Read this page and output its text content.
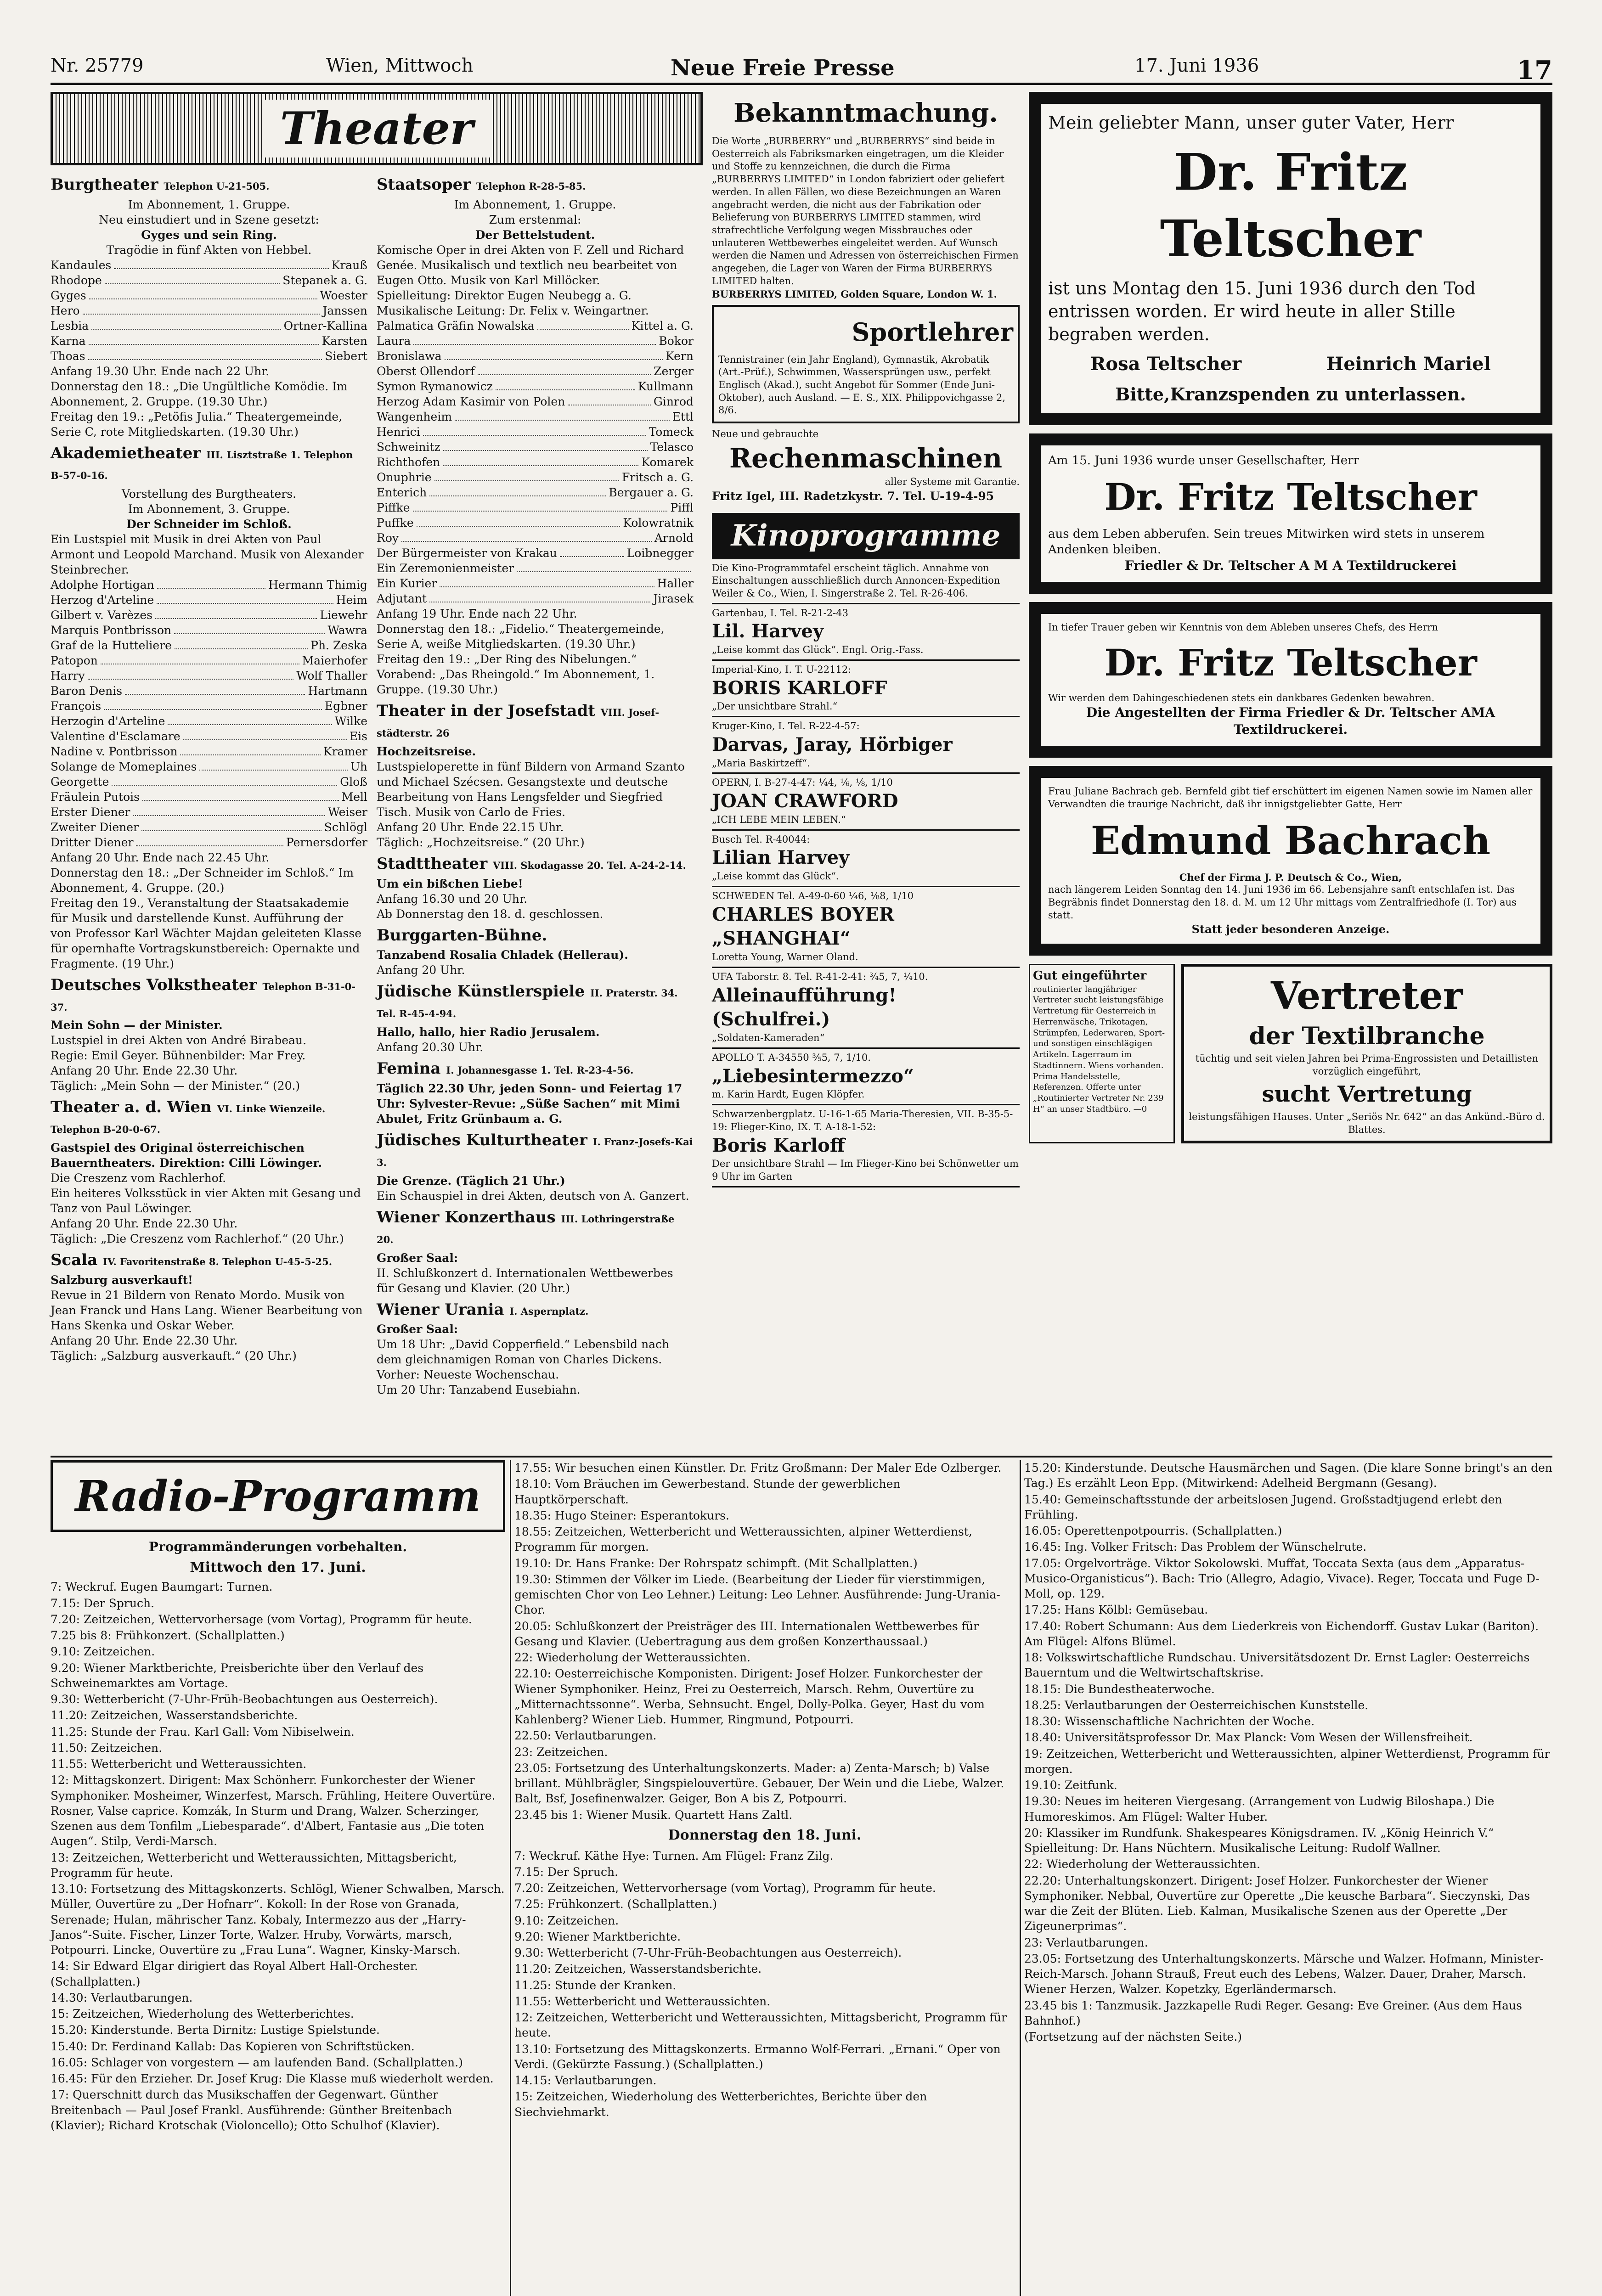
Nr. 25779	Wien, Mittwoch	Neue Freie Presse	17. Juni 1936	17
Theater
Burgtheater Telephon U-21-505.
Im Abonnement, 1. Gruppe.
Neu einstudiert und in Szene gesetzt:
Gyges und sein Ring.
Tragödie in fünf Akten von Hebbel.
Kandaules	Krauß
Rhodope	Stepanek a. G.
Gyges	Woester
Hero	Janssen
Lesbia	Ortner-Kallina
Karna	Karsten
Thoas	Siebert
Anfang 19.30 Uhr. Ende nach 22 Uhr.
Donnerstag den 18.: „Die Ungültliche Komödie. Im Abonnement, 2. Gruppe. (19.30 Uhr.)
Freitag den 19.: „Petöfis Julia.“ Theatergemeinde, Serie C, rote Mitgliedskarten. (19.30 Uhr.)
Akademietheater III. Lisztstraße 1. Telephon B-57-0-16.
Vorstellung des Burgtheaters.
Im Abonnement, 3. Gruppe.
Der Schneider im Schloß.
Ein Lustspiel mit Musik in drei Akten von Paul Armont und Leopold Marchand. Musik von Alexander Steinbrecher.
Adolphe Hortigan	Hermann Thimig
Herzog d'Arteline	Heim
Gilbert v. Varèzes	Liewehr
Marquis Pontbrisson	Wawra
Graf de la Hutteliere	Ph. Zeska
Patopon	Maierhofer
Harry	Wolf Thaller
Baron Denis	Hartmann
François	Egbner
Herzogin d'Arteline	Wilke
Valentine d'Esclamare	Eis
Nadine v. Pontbrisson	Kramer
Solange de Momeplaines	Uh
Georgette	Gloß
Fräulein Putois	Mell
Erster Diener	Weiser
Zweiter Diener	Schlögl
Dritter Diener	Pernersdorfer
Anfang 20 Uhr. Ende nach 22.45 Uhr.
Donnerstag den 18.: „Der Schneider im Schloß.“ Im Abonnement, 4. Gruppe. (20.)
Freitag den 19., Veranstaltung der Staatsakademie für Musik und darstellende Kunst. Aufführung der von Professor Karl Wächter Majdan geleiteten Klasse für opernhafte Vortragskunstbereich: Opernakte und Fragmente. (19 Uhr.)
Deutsches Volkstheater Telephon B-31-0-37.
Mein Sohn — der Minister.
Lustspiel in drei Akten von André Birabeau.
Regie: Emil Geyer. Bühnenbilder: Mar Frey.
Anfang 20 Uhr. Ende 22.30 Uhr.
Täglich: „Mein Sohn — der Minister.“ (20.)
Theater a. d. Wien VI. Linke Wienzeile. Telephon B-20-0-67.
Gastspiel des Original österreichischen Bauerntheaters. Direktion: Cilli Löwinger.
Die Creszenz vom Rachlerhof.
Ein heiteres Volksstück in vier Akten mit Gesang und Tanz von Paul Löwinger.
Anfang 20 Uhr. Ende 22.30 Uhr.
Täglich: „Die Creszenz vom Rachlerhof.“ (20 Uhr.)
Scala IV. Favoritenstraße 8. Telephon U-45-5-25.
Salzburg ausverkauft!
Revue in 21 Bildern von Renato Mordo. Musik von Jean Franck und Hans Lang. Wiener Bearbeitung von Hans Skenka und Oskar Weber.
Anfang 20 Uhr. Ende 22.30 Uhr.
Täglich: „Salzburg ausverkauft.“ (20 Uhr.)
Staatsoper Telephon R-28-5-85.
Im Abonnement, 1. Gruppe.
Zum erstenmal:
Der Bettelstudent.
Komische Oper in drei Akten von F. Zell und Richard Genée. Musikalisch und textlich neu bearbeitet von Eugen Otto. Musik von Karl Millöcker.
Spielleitung: Direktor Eugen Neubegg a. G. Musikalische Leitung: Dr. Felix v. Weingartner.
Palmatica Gräfin Nowalska	Kittel a. G.
Laura	Bokor
Bronislawa	Kern
Oberst Ollendorf	Zerger
Symon Rymanowicz	Kullmann
Herzog Adam Kasimir von Polen	Ginrod
Wangenheim	Ettl
Henrici	Tomeck
Schweinitz	Telasco
Richthofen	Komarek
Onuphrie	Fritsch a. G.
Enterich	Bergauer a. G.
Piffke	Piffl
Puffke	Kolowratnik
Roy	Arnold
Der Bürgermeister von Krakau	Loibnegger
Ein Zeremonienmeister
Ein Kurier	Haller
Adjutant	Jirasek
Anfang 19 Uhr. Ende nach 22 Uhr.
Donnerstag den 18.: „Fidelio.“ Theatergemeinde, Serie A, weiße Mitgliedskarten. (19.30 Uhr.)
Freitag den 19.: „Der Ring des Nibelungen.“ Vorabend: „Das Rheingold.“ Im Abonnement, 1. Gruppe. (19.30 Uhr.)
Theater in der Josefstadt VIII. Josefstädterstr. 26
Hochzeitsreise.
Lustspieloperette in fünf Bildern von Armand Szanto und Michael Szécsen. Gesangstexte und deutsche Bearbeitung von Hans Lengsfelder und Siegfried Tisch. Musik von Carlo de Fries.
Anfang 20 Uhr. Ende 22.15 Uhr.
Täglich: „Hochzeitsreise.“ (20 Uhr.)
Stadttheater VIII. Skodagasse 20. Tel. A-24-2-14.
Um ein bißchen Liebe!
Anfang 16.30 und 20 Uhr.
Ab Donnerstag den 18. d. geschlossen.
Burggarten-Bühne.
Tanzabend Rosalia Chladek (Hellerau).
Anfang 20 Uhr.
Jüdische Künstlerspiele II. Praterstr. 34. Tel. R-45-4-94.
Hallo, hallo, hier Radio Jerusalem.
Anfang 20.30 Uhr.
Femina I. Johannesgasse 1. Tel. R-23-4-56.
Täglich 22.30 Uhr, jeden Sonn- und Feiertag 17 Uhr: Sylvester-Revue: „Süße Sachen“ mit Mimi Abulet, Fritz Grünbaum a. G.
Jüdisches Kulturtheater I. Franz-Josefs-Kai 3.
Die Grenze. (Täglich 21 Uhr.)
Ein Schauspiel in drei Akten, deutsch von A. Ganzert.
Wiener Konzerthaus III. Lothringerstraße 20.
Großer Saal:
II. Schlußkonzert d. Internationalen Wettbewerbes für Gesang und Klavier. (20 Uhr.)
Wiener Urania I. Aspernplatz.
Großer Saal:
Um 18 Uhr: „David Copperfield.“ Lebensbild nach dem gleichnamigen Roman von Charles Dickens. Vorher: Neueste Wochenschau.
Um 20 Uhr: Tanzabend Eusebiahn.
Bekanntmachung.
Die Worte „BURBERRY“ und „BURBERRYS“ sind beide in Oesterreich als Fabriksmarken eingetragen, um die Kleider und Stoffe zu kennzeichnen, die durch die Firma „BURBERRYS LIMITED“ in London fabriziert oder geliefert werden. In allen Fällen, wo diese Bezeichnungen an Waren angebracht werden, die nicht aus der Fabrikation oder Belieferung von BURBERRYS LIMITED stammen, wird strafrechtliche Verfolgung wegen Missbrauches oder unlauteren Wettbewerbes eingeleitet werden. Auf Wunsch werden die Namen und Adressen von österreichischen Firmen angegeben, die Lager von Waren der Firma BURBERRYS LIMITED halten.
BURBERRYS LIMITED, Golden Square, London W. 1.
Sportlehrer
Tennistrainer (ein Jahr England), Gymnastik, Akrobatik (Art.-Prüf.), Schwimmen, Wassersprüngen usw., perfekt Englisch (Akad.), sucht Angebot für Sommer (Ende Juni-Oktober), auch Ausland. — E. S., XIX. Philippovichgasse 2, 8/6.
Neue und gebrauchte
Rechenmaschinen
aller Systeme mit Garantie.
Fritz Igel, III. Radetzkystr. 7. Tel. U-19-4-95
Kinoprogramme
Die Kino-Programmtafel erscheint täglich. Annahme von Einschaltungen ausschließlich durch Annoncen-Expedition Weiler & Co., Wien, I. Singerstraße 2. Tel. R-26-406.
Gartenbau, I. Tel. R-21-2-43
Lil. Harvey
„Leise kommt das Glück“. Engl. Orig.-Fass.
Imperial-Kino, I. T. U-22112:
BORIS KARLOFF
„Der unsichtbare Strahl.“
Kruger-Kino, I. Tel. R-22-4-57:
Darvas, Jaray, Hörbiger
„Maria Baskirtzeff“.
OPERN, I. B-27-4-47: ¼4, ⅙, ⅛, 1/10
JOAN CRAWFORD
„ICH LEBE MEIN LEBEN.“
Busch Tel. R-40044:
Lilian Harvey
„Leise kommt das Glück“.
SCHWEDEN Tel. A-49-0-60 ¼6, ⅛8, 1/10
CHARLES BOYER „SHANGHAI“
Loretta Young, Warner Oland.
UFA Taborstr. 8. Tel. R-41-2-41: ¾5, 7, ¼10.
Alleinaufführung! (Schulfrei.)
„Soldaten-Kameraden“
APOLLO T. A-34550 ⅗5, 7, 1/10.
„Liebesintermezzo“
m. Karin Hardt, Eugen Klöpfer.
Schwarzenbergplatz. U-16-1-65 Maria-Theresien, VII. B-35-5-19: Flieger-Kino, IX. T. A-18-1-52:
Boris Karloff
Der unsichtbare Strahl — Im Flieger-Kino bei Schönwetter um 9 Uhr im Garten
Mein geliebter Mann, unser guter Vater, Herr
Dr. Fritz Teltscher
ist uns Montag den 15. Juni 1936 durch den Tod entrissen worden. Er wird heute in aller Stille begraben werden.
Rosa Teltscher	Heinrich Mariel
Bitte,Kranzspenden zu unterlassen.
Am 15. Juni 1936 wurde unser Gesellschafter, Herr
Dr. Fritz Teltscher
aus dem Leben abberufen. Sein treues Mitwirken wird stets in unserem Andenken bleiben.
Friedler & Dr. Teltscher A M A Textildruckerei
In tiefer Trauer geben wir Kenntnis von dem Ableben unseres Chefs, des Herrn
Dr. Fritz Teltscher
Wir werden dem Dahingeschiedenen stets ein dankbares Gedenken bewahren.
Die Angestellten der Firma Friedler & Dr. Teltscher AMA Textildruckerei.
Frau Juliane Bachrach geb. Bernfeld gibt tief erschüttert im eigenen Namen sowie im Namen aller Verwandten die traurige Nachricht, daß ihr innigstgeliebter Gatte, Herr
Edmund Bachrach
Chef der Firma J. P. Deutsch & Co., Wien,
nach längerem Leiden Sonntag den 14. Juni 1936 im 66. Lebensjahre sanft entschlafen ist. Das Begräbnis findet Donnerstag den 18. d. M. um 12 Uhr mittags vom Zentralfriedhofe (I. Tor) aus statt.
Statt jeder besonderen Anzeige.
Gut eingeführter
routinierter langjähriger Vertreter sucht leistungsfähige Vertretung für Oesterreich in Herrenwäsche, Trikotagen, Strümpfen, Lederwaren, Sport- und sonstigen einschlägigen Artikeln. Lagerraum im Stadtinnern. Wiens vorhanden. Prima Handelsstelle, Referenzen. Offerte unter „Routinierter Vertreter Nr. 239 H“ an unser Stadtbüro. —0
Vertreter
der Textilbranche
tüchtig und seit vielen Jahren bei Prima-Engrossisten und Detaillisten vorzüglich eingeführt,
sucht Vertretung
leistungsfähigen Hauses. Unter „Seriös Nr. 642“ an das Ankünd.-Büro d. Blattes.
Radio-Programm
Programmänderungen vorbehalten.
Mittwoch den 17. Juni.

7: Weckruf. Eugen Baumgart: Turnen.

7.15: Der Spruch.

7.20: Zeitzeichen, Wettervorhersage (vom Vortag), Programm für heute.

7.25 bis 8: Frühkonzert. (Schallplatten.)

9.10: Zeitzeichen.

9.20: Wiener Marktberichte, Preisberichte über den Verlauf des Schweinemarktes am Vortage.

9.30: Wetterbericht (7-Uhr-Früh-Beobachtungen aus Oesterreich).

11.20: Zeitzeichen, Wasserstandsberichte.

11.25: Stunde der Frau. Karl Gall: Vom Nibiselwein.

11.50: Zeitzeichen.

11.55: Wetterbericht und Wetteraussichten.

12: Mittagskonzert. Dirigent: Max Schönherr. Funkorchester der Wiener Symphoniker. Mosheimer, Winzerfest, Marsch. Frühling, Heitere Ouvertüre. Rosner, Valse caprice. Komzák, In Sturm und Drang, Walzer. Scherzinger, Szenen aus dem Tonfilm „Liebesparade“. d'Albert, Fantasie aus „Die toten Augen“. Stilp, Verdi-Marsch.

13: Zeitzeichen, Wetterbericht und Wetteraussichten, Mittagsbericht, Programm für heute.

13.10: Fortsetzung des Mittagskonzerts. Schlögl, Wiener Schwalben, Marsch. Müller, Ouvertüre zu „Der Hofnarr“. Kokoll: In der Rose von Granada, Serenade; Hulan, mährischer Tanz. Kobaly, Intermezzo aus der „Harry-Janos“-Suite. Fischer, Linzer Torte, Walzer. Hruby, Vorwärts, marsch, Potpourri. Lincke, Ouvertüre zu „Frau Luna“. Wagner, Kinsky-Marsch.

14: Sir Edward Elgar dirigiert das Royal Albert Hall-Orchester. (Schallplatten.)

14.30: Verlautbarungen.

15: Zeitzeichen, Wiederholung des Wetterberichtes.

15.20: Kinderstunde. Berta Dirnitz: Lustige Spielstunde.

15.40: Dr. Ferdinand Kallab: Das Kopieren von Schriftstücken.

16.05: Schlager von vorgestern — am laufenden Band. (Schallplatten.)

16.45: Für den Erzieher. Dr. Josef Krug: Die Klasse muß wiederholt werden.

17: Querschnitt durch das Musikschaffen der Gegenwart. Günther Breitenbach — Paul Josef Frankl. Ausführende: Günther Breitenbach (Klavier); Richard Krotschak (Violoncello); Otto Schulhof (Klavier).

17.55: Wir besuchen einen Künstler. Dr. Fritz Großmann: Der Maler Ede Ozlberger.

18.10: Vom Bräuchen im Gewerbestand. Stunde der gewerblichen Hauptkörperschaft.

18.35: Hugo Steiner: Esperantokurs.

18.55: Zeitzeichen, Wetterbericht und Wetteraussichten, alpiner Wetterdienst, Programm für morgen.

19.10: Dr. Hans Franke: Der Rohrspatz schimpft. (Mit Schallplatten.)

19.30: Stimmen der Völker im Liede. (Bearbeitung der Lieder für vierstimmigen, gemischten Chor von Leo Lehner.) Leitung: Leo Lehner. Ausführende: Jung-Urania-Chor.

20.05: Schlußkonzert der Preisträger des III. Internationalen Wettbewerbes für Gesang und Klavier. (Uebertragung aus dem großen Konzerthaussaal.)

22: Wiederholung der Wetteraussichten.

22.10: Oesterreichische Komponisten. Dirigent: Josef Holzer. Funkorchester der Wiener Symphoniker. Heinz, Frei zu Oesterreich, Marsch. Rehm, Ouvertüre zu „Mitternachtssonne“. Werba, Sehnsucht. Engel, Dolly-Polka. Geyer, Hast du vom Kahlenberg? Wiener Lieb. Hummer, Ringmund, Potpourri.

22.50: Verlautbarungen.

23: Zeitzeichen.

23.05: Fortsetzung des Unterhaltungskonzerts. Mader: a) Zenta-Marsch; b) Valse brillant. Mühlbrägler, Singspielouvertüre. Gebauer, Der Wein und die Liebe, Walzer. Balt, Bsf, Josefinenwalzer. Geiger, Bon A bis Z, Potpourri.

23.45 bis 1: Wiener Musik. Quartett Hans Zaltl.

Donnerstag den 18. Juni.

7: Weckruf. Käthe Hye: Turnen. Am Flügel: Franz Zilg.

7.15: Der Spruch.

7.20: Zeitzeichen, Wettervorhersage (vom Vortag), Programm für heute.

7.25: Frühkonzert. (Schallplatten.)

9.10: Zeitzeichen.

9.20: Wiener Marktberichte.

9.30: Wetterbericht (7-Uhr-Früh-Beobachtungen aus Oesterreich).

11.20: Zeitzeichen, Wasserstandsberichte.

11.25: Stunde der Kranken.

11.55: Wetterbericht und Wetteraussichten.

12: Zeitzeichen, Wetterbericht und Wetteraussichten, Mittagsbericht, Programm für heute.

13.10: Fortsetzung des Mittagskonzerts. Ermanno Wolf-Ferrari. „Ernani.“ Oper von Verdi. (Gekürzte Fassung.) (Schallplatten.)

14.15: Verlautbarungen.

15: Zeitzeichen, Wiederholung des Wetterberichtes, Berichte über den Siechviehmarkt.

15.20: Kinderstunde. Deutsche Hausmärchen und Sagen. (Die klare Sonne bringt's an den Tag.) Es erzählt Leon Epp. (Mitwirkend: Adelheid Bergmann (Gesang).

15.40: Gemeinschaftsstunde der arbeitslosen Jugend. Großstadtjugend erlebt den Frühling.

16.05: Operettenpotpourris. (Schallplatten.)

16.45: Ing. Volker Fritsch: Das Problem der Wünschelrute.

17.05: Orgelvorträge. Viktor Sokolowski. Muffat, Toccata Sexta (aus dem „Apparatus-Musico-Organisticus“). Bach: Trio (Allegro, Adagio, Vivace). Reger, Toccata und Fuge D-Moll, op. 129.

17.25: Hans Kölbl: Gemüsebau.

17.40: Robert Schumann: Aus dem Liederkreis von Eichendorff. Gustav Lukar (Bariton). Am Flügel: Alfons Blümel.

18: Volkswirtschaftliche Rundschau. Universitätsdozent Dr. Ernst Lagler: Oesterreichs Bauerntum und die Weltwirtschaftskrise.

18.15: Die Bundestheaterwoche.

18.25: Verlautbarungen der Oesterreichischen Kunststelle.

18.30: Wissenschaftliche Nachrichten der Woche.

18.40: Universitätsprofessor Dr. Max Planck: Vom Wesen der Willensfreiheit.

19: Zeitzeichen, Wetterbericht und Wetteraussichten, alpiner Wetterdienst, Programm für morgen.

19.10: Zeitfunk.

19.30: Neues im heiteren Viergesang. (Arrangement von Ludwig Biloshapa.) Die Humoreskimos. Am Flügel: Walter Huber.

20: Klassiker im Rundfunk. Shakespeares Königsdramen. IV. „König Heinrich V.“ Spielleitung: Dr. Hans Nüchtern. Musikalische Leitung: Rudolf Wallner.

22: Wiederholung der Wetteraussichten.

22.20: Unterhaltungskonzert. Dirigent: Josef Holzer. Funkorchester der Wiener Symphoniker. Nebbal, Ouvertüre zur Operette „Die keusche Barbara“. Sieczynski, Das war die Zeit der Blüten. Lieb. Kalman, Musikalische Szenen aus der Operette „Der Zigeunerprimas“.

23: Verlautbarungen.

23.05: Fortsetzung des Unterhaltungskonzerts. Märsche und Walzer. Hofmann, Minister-Reich-Marsch. Johann Strauß, Freut euch des Lebens, Walzer. Dauer, Draher, Marsch. Wiener Herzen, Walzer. Kopetzky, Egerländermarsch.

23.45 bis 1: Tanzmusik. Jazzkapelle Rudi Reger. Gesang: Eve Greiner. (Aus dem Haus Bahnhof.)

(Fortsetzung auf der nächsten Seite.)
